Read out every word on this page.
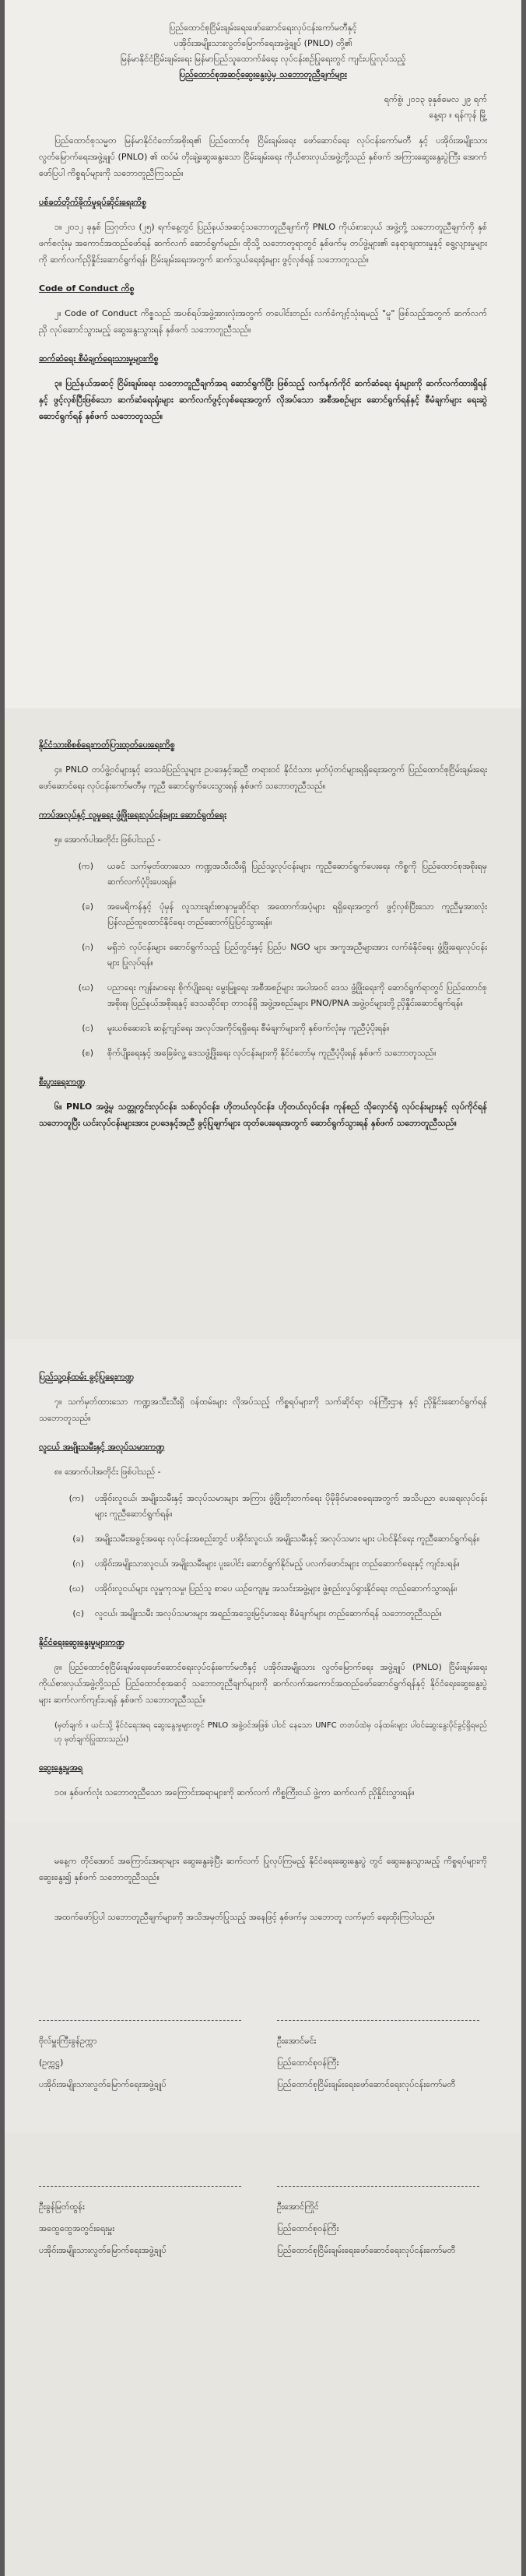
ပြည်ထောင်စုငြိမ်းချမ်းရေးဖော်ဆောင်ရေးလုပ်ငန်းကော်မတီနှင့်

ပအိုဝ်းအမျိုးသားလွတ်မြောက်ရေးအဖွဲ့ချုပ် (PNLO) တို့၏

မြန်မာနိုင်ငံငြိမ်းချမ်းရေး မြန်မာပြည်သူထောက်ခံရေး လုပ်ငန်းစဉ်ပြုရေးတွင် ကျင်းပပြုလုပ်သည့်

ပြည်ထောင်စုအဆင့်ဆွေးနွေးပွဲမှ သဘောတူညီချက်များ

ရက်စွဲ၊ ၂၀၁၃ ခုနှစ်မေလ ၂၉ ရက်

နေ့ရာ ။ ရန်ကုန် မြို့

ပြည်ထောင်စုသမ္မတ မြန်မာနိုင်ငံတော်အစိုးရ၏ ပြည်ထောင်စု ငြိမ်းချမ်းရေး ဖော်ဆောင်ရေး လုပ်ငန်းကော်မတီ နှင့် ပအိုဝ်းအမျိုးသားလွတ်မြောက်ရေးအဖွဲ့ချုပ် (PNLO) ၏ ထပ်မံ တိုးချဲ့ဆွေးနွေးသော ငြိမ်းချမ်းရေး ကိုယ်စားလှယ်အဖွဲ့တို့သည် နှစ်ဖက် အကြားဆွေးနွေးပွဲကြီး အောက်ဖော်ပြပါ ကိစ္စရပ်များကို သဘောတူညီကြသည်။

ပစ်ခတ်တိုက်ခိုက်မှုရပ်ဆိုင်းရေးကိစ္စ

၁။ ၂၀၁၂ ခုနှစ် ဩဂုတ်လ (၂၅) ရက်နေ့တွင် ပြည်နယ်အဆင့်သဘောတူညီချက်ကို PNLO ကိုယ်စားလှယ် အဖွဲ့တို့ သဘောတူညီချက်ကို နှစ်ဖက်စလုံးမှ အကောင်အထည်ဖော်ရန် ဆက်လက် ဆောင်ရွက်မည်။ ထိုသို့ သဘောတူရာတွင် နှစ်ဖက်မှ တပ်ဖွဲ့များ၏ နေရာချထားမှုနှင့် ရွေ့လျားမှုများကို ဆက်လက်ညှိနှိုင်းဆောင်ရွက်ရန်၊ ငြိမ်းချမ်းရေးအတွက် ဆက်သွယ်ရေးရုံးများ ဖွင့်လှစ်ရန် သဘောတူသည်။

Code of Conduct ကိစ္စ

၂။ Code of Conduct ကိစ္စသည် အပစ်ရပ်အဖွဲ့အားလုံးအတွက် တပေါင်းတည်း လက်ခံကျင့်သုံးရမည့် "မူ" ဖြစ်သည့်အတွက် ဆက်လက်ညှိ လုပ်ဆောင်သွားမည့် ဆွေးနွေးသွားရန် နှစ်ဖက် သဘောတူညီသည်။

ဆက်ဆံရေး စီမံချက်ရေးသားမှုများကိစ္စ

၃။ ပြည်နယ်အဆင့် ငြိမ်းချမ်းရေး သဘောတူညီချက်အရ ဆောင်ရွက်ပြီး ဖြစ်သည့် လက်နက်ကိုင် ဆက်ဆံရေး ရုံးများကို ဆက်လက်ထားရှိရန်နှင့် ဖွင့်လှစ်ပြီးဖြစ်သော ဆက်ဆံရေးရုံးများ ဆက်လက်ဖွင့်လှစ်ရေးအတွက် လိုအပ်သော အစီအစဉ်များ ဆောင်ရွက်ရန်နှင့် စီမံချက်များ ရေးဆွဲ ဆောင်ရွက်ရန် နှစ်ဖက် သဘောတူသည်။

နိုင်ငံသားစိစစ်ရေးကတ်ပြားထုတ်ပေးရေးကိစ္စ

၄။ PNLO တပ်ဖွဲ့ဝင်များနှင့် ဒေသခံပြည်သူများ ဥပဒေနှင့်အညီ တရားဝင် နိုင်ငံသား မှတ်ပုံတင်များရရှိရေးအတွက် ပြည်ထောင်စုငြိမ်းချမ်းရေး ဖော်ဆောင်ရေး လုပ်ငန်းကော်မတီမှ ကူညီ ဆောင်ရွက်ပေးသွားရန် နှစ်ဖက် သဘောတူညီသည်။

ကာပ်အလုပ်နှင့် လူမှုရေး ဖွံ့ဖြိုးရေးလုပ်ငန်းများ ဆောင်ရွက်ရေး

၅။ အောက်ပါအတိုင်း ဖြစ်ပါသည် -

(က)	ယခင် သက်မှတ်ထားသော ကဏ္ဍအသီးသီးရှိ ပြည်သူ့လုပ်ငန်းများ ကူညီဆောင်ရွက်ပေးရေး ကိစ္စကို ပြည်ထောင်စုအစိုးရမှ ဆက်လက်ပံ့ပိုးပေးရန်။
(ခ)	အမေရိကန်နှင့် ပုံမှန် လူသားချင်းစာနာမှုဆိုင်ရာ အထောက်အပံ့များ ရရှိရေးအတွက် ဖွင့်လှစ်ပြီးသော ကူညီမှုအားလုံး ပြန်လည်ထူထောင်နိုင်ရေး တည်ဆောက်ပြုပြင်သွားရန်။
(ဂ)	မရှိဘဲ လုပ်ငန်းများ ဆောင်ရွက်သည့် ပြည်တွင်းနှင့် ပြည်ပ NGO များ အကူအညီများအား လက်ခံနိုင်ရေး ဖွံ့ဖြိုးရေးလုပ်ငန်းများ ပြုလုပ်ရန်။
(ဃ)	ပညာရေး ကျန်းမာရေး စိုက်ပျိုးရေး မွေးမြူရေး အစီအစဉ်များ အပါအဝင် ဒေသ ဖွံ့ဖြိုးရေးကို ဆောင်ရွက်ရာတွင် ပြည်ထောင်စုအစိုးရ၊ ပြည်နယ်အစိုးရနှင့် ဒေသဆိုင်ရာ တာဝန်ရှိ အဖွဲ့အစည်းများ PNO/PNA အဖွဲ့ဝင်များတို့ ညှိနှိုင်းဆောင်ရွက်ရန်။
(င)	မူးယစ်ဆေးဝါး ဆန့်ကျင်ရေး အလုပ်အကိုင်ရရှိရေး စီမံချက်များကို နှစ်ဖက်လုံးမှ ကူညီပံ့ပိုးရန်။
(စ)	စိုက်ပျိုးရေးနှင့် အခြေခံလူ့ ဒေသဖွံ့ဖြိုးရေး လုပ်ငန်းများကို နိုင်ငံတော်မှ ကူညီပံ့ပိုးရန် နှစ်ဖက် သဘောတူသည်။

စီးပွားရေးကဏ္ဍ

၆။ PNLO အဖွဲ့မှ သတ္တုတွင်းလုပ်ငန်း၊ သစ်လုပ်ငန်း၊ ဟိုတယ်လုပ်ငန်း၊ ဟိုတယ်လုပ်ငန်း၊ ကုန်စည် သိုလှောင်ရုံ လုပ်ငန်းများနှင့် လုပ်ကိုင်ရန် သဘောတူပြီး ယင်းလုပ်ငန်းများအား ဥပဒေနှင့်အညီ ခွင့်ပြုချက်များ ထုတ်ပေးရေးအတွက် ဆောင်ရွက်သွားရန် နှစ်ဖက် သဘောတူညီသည်။

ပြည်သူ့ဝန်ထမ်း ခွင့်ပြုရေးကဏ္ဍ

၇။ သက်မှတ်ထားသော ကဏ္ဍအသီးသီးရှိ ဝန်ထမ်းများ လိုအပ်သည့် ကိစ္စရပ်များကို သက်ဆိုင်ရာ ဝန်ကြီးဌာန နှင့် ညှိနှိုင်းဆောင်ရွက်ရန် သဘောတူသည်။

လူငယ် အမျိုးသမီးနှင့် အလုပ်သမားကဏ္ဍ

၈။ အောက်ပါအတိုင်း ဖြစ်ပါသည် -

(က)	ပအိုဝ်းလူငယ်၊ အမျိုးသမီးနှင့် အလုပ်သမားများ အကြား ဖွံ့ဖြိုးတိုးတက်ရေး ပိုမိုခိုင်မာစေရေးအတွက် အသိပညာ ပေးရေးလုပ်ငန်းများ ကူညီဆောင်ရွက်ရန်။
(ခ)	အမျိုးသမီးအခွင့်အရေး လုပ်ငန်းအစည်းတွင် ပအိုဝ်းလူငယ်၊ အမျိုးသမီးနှင့် အလုပ်သမား များ ပါဝင်နိုင်ရေး ကူညီဆောင်ရွက်ရန်။
(ဂ)	ပအိုဝ်းအမျိုးသားလူငယ်၊ အမျိုးသမီးများ ပူးပေါင်း ဆောင်ရွက်နိုင်မည့် ပလက်ဖောင်းများ တည်ဆောက်ရေးနှင့် ကျင်းပရန်။
(ဃ)	ပအိုဝ်းလူငယ်များ လူမှုကုသမှု၊ ပြည်သူ စာပေ ယဉ်ကျေးမှု အသင်းအဖွဲ့များ ဖွဲ့စည်းလှုပ်ရှားနိုင်ရေး တည်ဆောက်သွားရန်။
(င)	လူငယ်၊ အမျိုးသမီး အလုပ်သမားများ အရည်အသွေးမြင့်မားရေး စီမံချက်များ တည်ဆောက်ရန် သဘောတူညီသည်။

နိုင်ငံရေးဆွေးနွေးမှုများကဏ္ဍ

၉။ ပြည်ထောင်စုငြိမ်းချမ်းရေးဖော်ဆောင်ရေးလုပ်ငန်းကော်မတီနှင့် ပအိုဝ်းအမျိုးသား လွတ်မြောက်ရေး အဖွဲ့ချုပ် (PNLO) ငြိမ်းချမ်းရေးကိုယ်စားလှယ်အဖွဲ့တို့သည် ပြည်ထောင်စုအဆင့် သဘောတူညီချက်များကို ဆက်လက်အကောင်အထည်ဖော်ဆောင်ရွက်ရန်နှင့် နိုင်ငံရေးဆွေးနွေးပွဲများ ဆက်လက်ကျင်းပရန် နှစ်ဖက် သဘောတူညီသည်။

(မှတ်ချက် ။ ယင်းသို့ နိုင်ငံရေးအရ ဆွေးနွေးမှုများတွင် PNLO အဖွဲ့ဝင်အဖြစ် ပါဝင် နေသော UNFC တတပ်ထဲမှ ဝန်ထမ်းများ ပါဝင်ဆွေးနွေးပိုင်ခွင့်ရှိရမည်ဟု မှတ်ချက်ပြုထားသည်။)

ဆွေးနွေးမှုအရ

၁၀။ နှစ်ဖက်လုံး သဘောတူညီသော အကြောင်းအရာများကို ဆက်လက် ကိစ္စကြီးငယ် ဖွဲ့ကာ ဆက်လက် ညှိနှိုင်းသွားရန်။

မနေ့က တိုင်အောင် အကြောင်းအရာများ ဆွေးနွေးခဲ့ပြီး ဆက်လက် ပြုလုပ်ကြမည့် နိုင်ငံရေးဆွေးနွေးပွဲ တွင် ဆွေးနွေးသွားမည့် ကိစ္စရပ်များကို ဆွေးနွေး၍ နှစ်ဖက် သဘောတူညီသည်။

အထက်ဖော်ပြပါ သဘောတူညီချက်များကို အသိအမှတ်ပြုသည့် အနေဖြင့် နှစ်ဖက်မှ သဘောတူ လက်မှတ် ရေးထိုးကြပါသည်။

ဗိုလ်မှူးကြီးခွန်ဥက္ကာ
(ဥက္ကဋ္ဌ)
ပအိုဝ်းအမျိုးသားလွတ်မြောက်ရေးအဖွဲ့ချုပ်
ဦးအောင်မင်း
ပြည်ထောင်စုဝန်ကြီး
ပြည်ထောင်စုငြိမ်းချမ်းရေးဖော်ဆောင်ရေးလုပ်ငန်းကော်မတီ
ဦးခွန်မြတ်ထွန်း
အထွေထွေအတွင်းရေးမှူး
ပအိုဝ်းအမျိုးသားလွတ်မြောက်ရေးအဖွဲ့ချုပ်
ဦးအောင်ကြိုင်
ပြည်ထောင်စုဝန်ကြီး
ပြည်ထောင်စုငြိမ်းချမ်းရေးဖော်ဆောင်ရေးလုပ်ငန်းကော်မတီ
